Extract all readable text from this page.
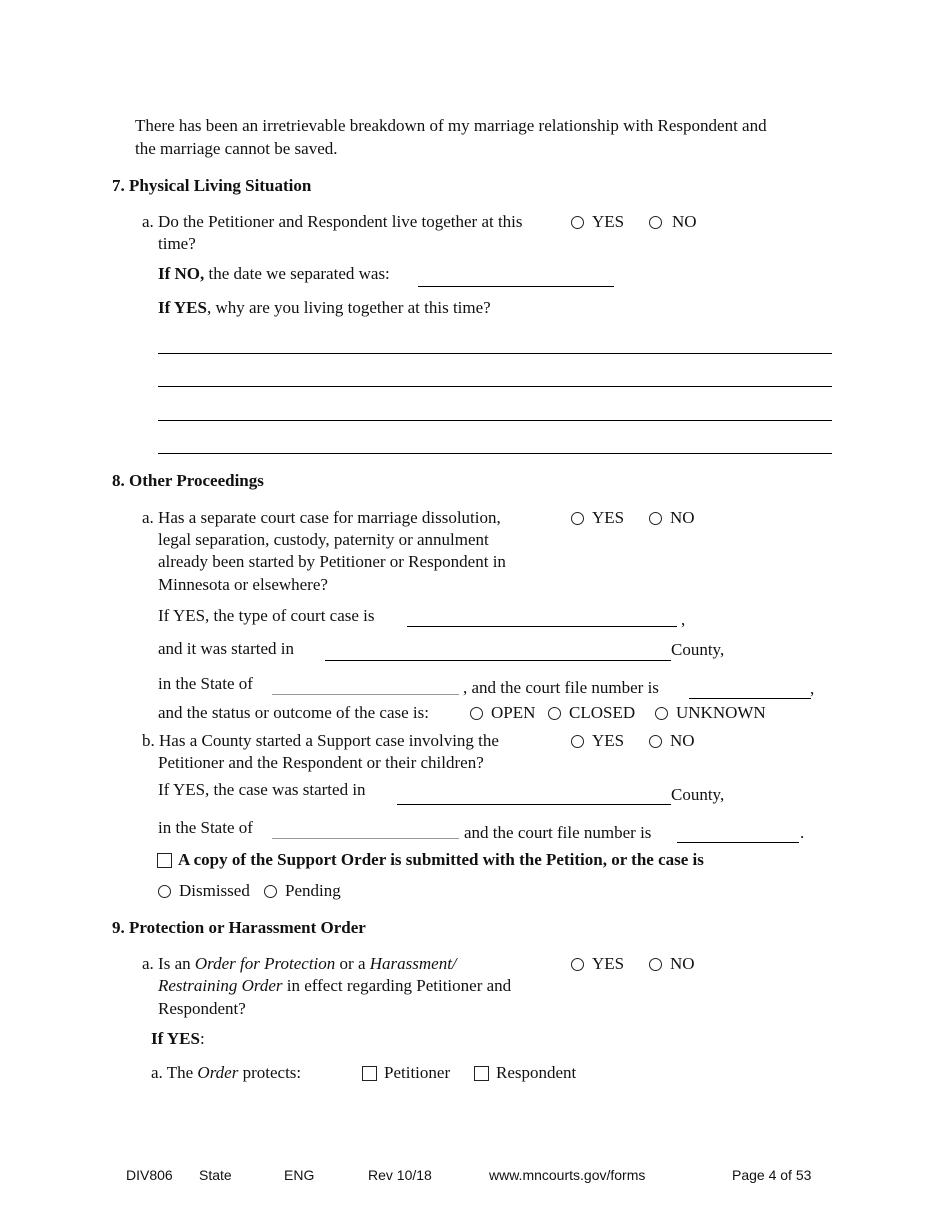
There has been an irretrievable breakdown of my marriage relationship with Respondent and
the marriage cannot be saved.
7. Physical Living Situation
a. Do the Petitioner and Respondent live together at this
time?
YES	NO
If NO, the date we separated was:
If YES, why are you living together at this time?
8. Other Proceedings
a. Has a separate court case for marriage dissolution,
legal separation, custody, paternity or annulment
already been started by Petitioner or Respondent in
Minnesota or elsewhere?
YES	NO
If YES, the type of court case is	,
and it was started in	County,
in the State of	, and the court file number is	,
and the status or outcome of the case is:	OPEN CLOSED UNKNOWN
b. Has a County started a Support case involving the
Petitioner and the Respondent or their children?
YES	NO
If YES, the case was started in	County,
in the State of	and the court file number is	.
A copy of the Support Order is submitted with the Petition, or the case is
Dismissed Pending
9. Protection or Harassment Order
a. Is an Order for Protection or a Harassment/
Restraining Order in effect regarding Petitioner and
Respondent?
YES	NO
If YES:
a. The Order protects:	Petitioner	Respondent
DIV806 State	ENG	Rev 10/18	www.mncourts.gov/forms	Page 4 of 53
